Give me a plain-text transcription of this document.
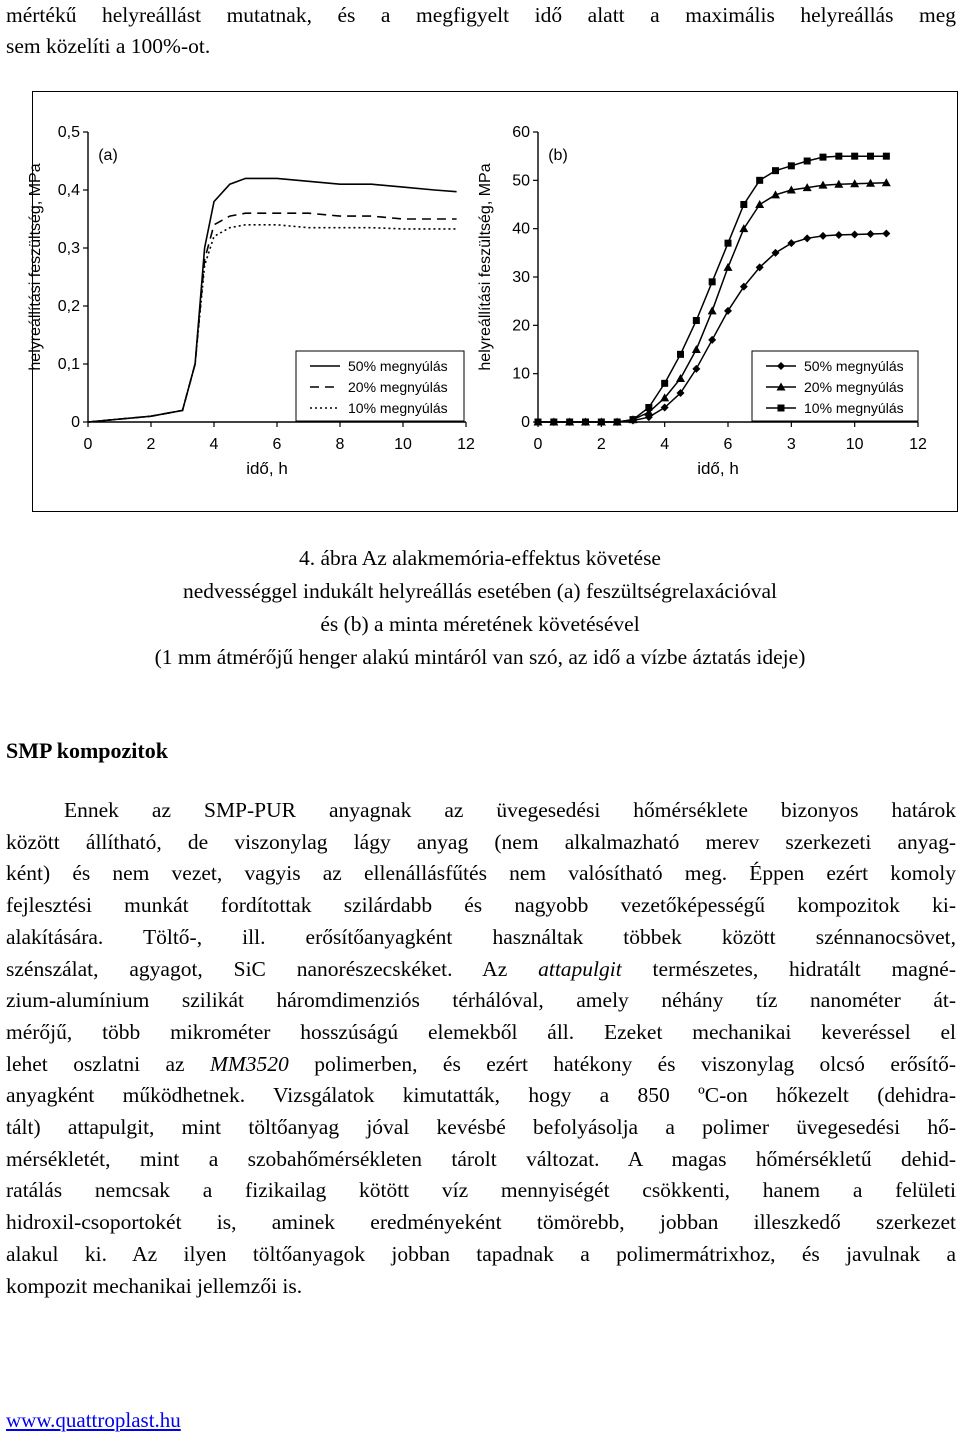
mértékű helyreállást mutatnak, és a megfigyelt idő alatt a maximális helyreállás meg
sem közelíti a 100%-ot.
0	2	4	6	8	10	12
0
0,1
0,2
0,3
0,4
0,5
(a)
helyreállítási feszültség, MPa
idő, h
50% megnyúlás
20% megnyúlás
10% megnyúlás
0	2	4	6	3	10	12
0
10
20
30
40
50
60
(b)
helyreállítási feszültség, MPa
idő, h
50% megnyúlás
20% megnyúlás
10% megnyúlás
4. ábra Az alakmemória-effektus követése
nedvességgel indukált helyreállás esetében (a) feszültségrelaxációval
és (b) a minta méretének követésével
(1 mm átmérőjű henger alakú mintáról van szó, az idő a vízbe áztatás ideje)
SMP kompozitok
Ennek az SMP-PUR anyagnak az üvegesedési hőmérséklete bizonyos határok
között állítható, de viszonylag lágy anyag (nem alkalmazható merev szerkezeti anyag-
ként) és nem vezet, vagyis az ellenállásfűtés nem valósítható meg. Éppen ezért komoly
fejlesztési munkát fordítottak szilárdabb és nagyobb vezetőképességű kompozitok ki-
alakítására. Töltő-, ill. erősítőanyagként használtak többek között szénnanocsövet,
szénszálat, agyagot, SiC nanorészecskéket. Az attapulgit természetes, hidratált magné-
zium-alumínium szilikát háromdimenziós térhálóval, amely néhány tíz nanométer át-
mérőjű, több mikrométer hosszúságú elemekből áll. Ezeket mechanikai keveréssel el
lehet oszlatni az MM3520 polimerben, és ezért hatékony és viszonylag olcsó erősítő-
anyagként működhetnek. Vizsgálatok kimutatták, hogy a 850 ºC-on hőkezelt (dehidra-
tált) attapulgit, mint töltőanyag jóval kevésbé befolyásolja a polimer üvegesedési hő-
mérsékletét, mint a szobahőmérsékleten tárolt változat. A magas hőmérsékletű dehid-
ratálás nemcsak a fizikailag kötött víz mennyiségét csökkenti, hanem a felületi
hidroxil-csoportokét is, aminek eredményeként tömörebb, jobban illeszkedő szerkezet
alakul ki. Az ilyen töltőanyagok jobban tapadnak a polimermátrixhoz, és javulnak a
kompozit mechanikai jellemzői is.
www.quattroplast.hu
